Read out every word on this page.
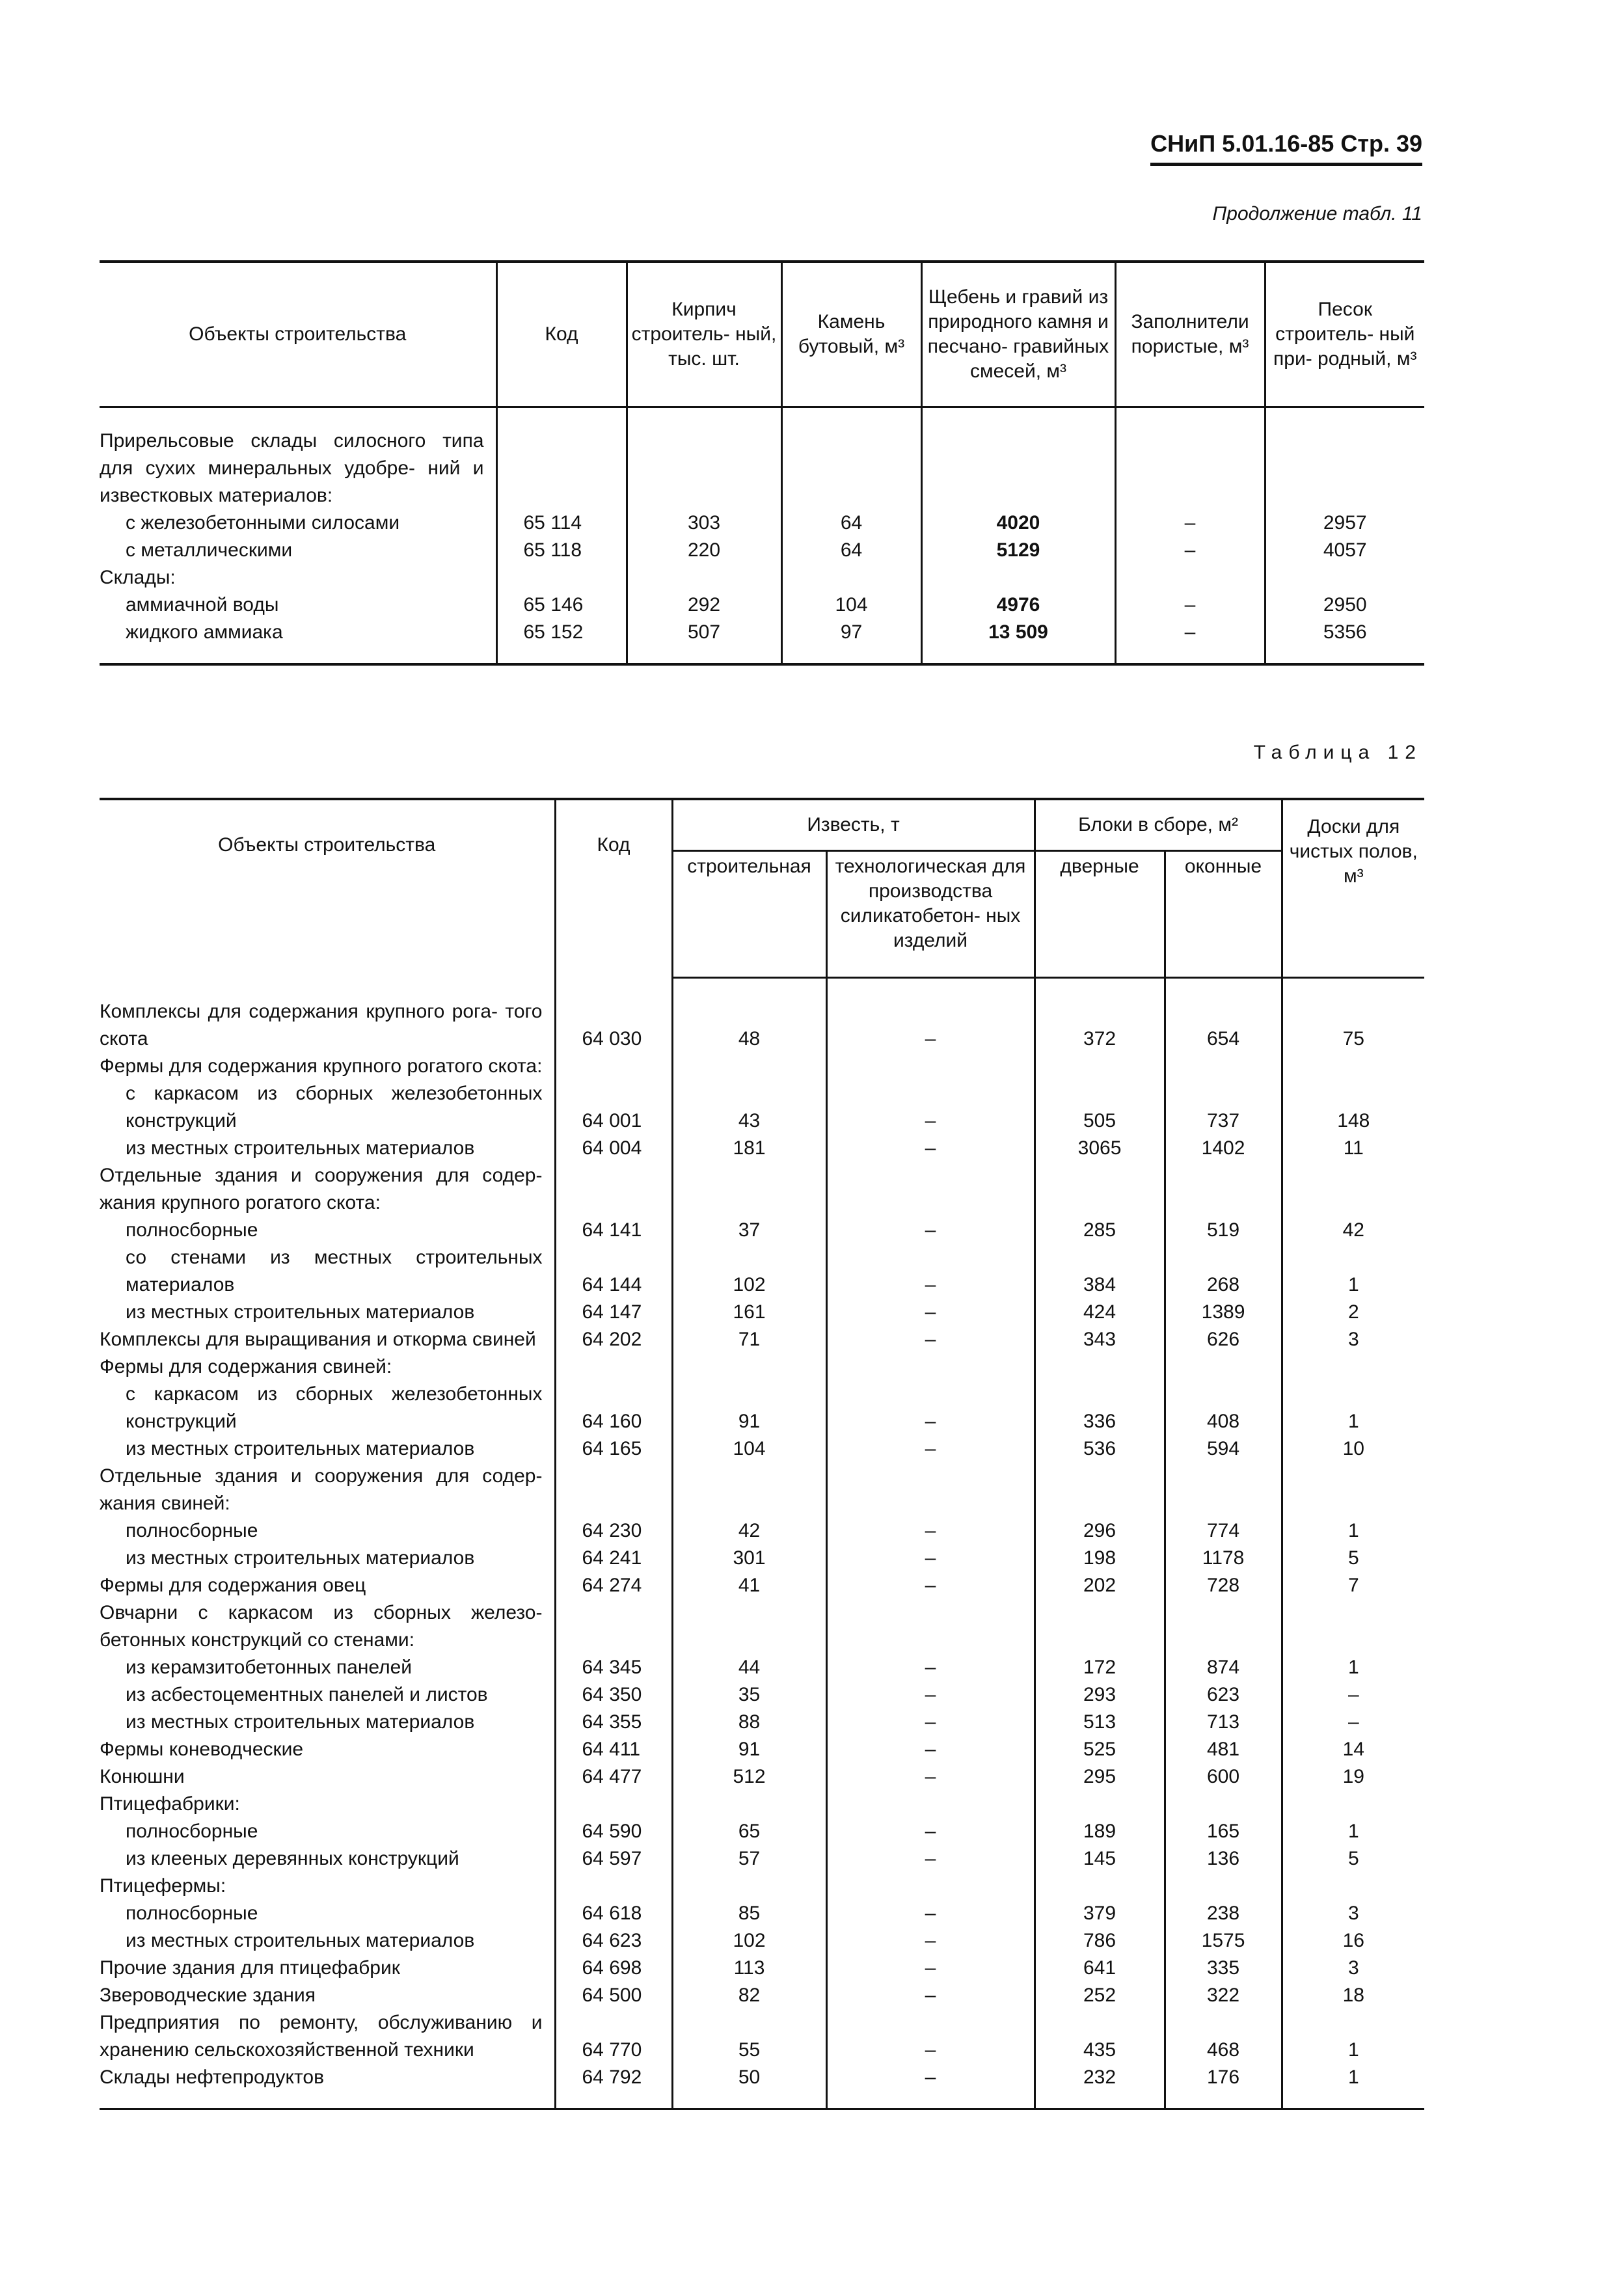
СНиП 5.01.16-85 Стр. 39
Продолжение табл. 11
Объекты строительства	Код	Кирпич строитель- ный, тыс. шт.	Камень бутовый, м³	Щебень и гравий из природного камня и песчано- гравийных смесей, м³	Заполнители пористые, м³	Песок строитель- ный при- родный, м³

Прирельсовые склады силосного типа для сухих минеральных удобре- ний и известковых материалов:						

с железобетонными силосами	65 114	303	64	4020	–	2957

с металлическими	65 118	220	64	5129	–	4057
Склады:						

аммиачной воды	65 146	292	104	4976	–	2950

жидкого аммиака	65 152	507	97	13 509	–	5356

Таблица 12
Объекты строительства	Код	Известь, т		Блоки в сборе, м²		Доски для чистых полов, м³
		строительная	технологическая для производства силикатобетон- ных изделий	дверные	оконные	

Комплексы для содержания крупного рога- того скота	64 030	48	–	372	654	75
Фермы для содержания крупного рогатого скота:						

с каркасом из сборных железобетонных конструкций	64 001	43	–	505	737	148

из местных строительных материалов	64 004	181	–	3065	1402	11
Отдельные здания и сооружения для содер- жания крупного рогатого скота:						

полносборные	64 141	37	–	285	519	42

со стенами из местных строительных материалов	64 144	102	–	384	268	1

из местных строительных материалов	64 147	161	–	424	1389	2
Комплексы для выращивания и откорма свиней	64 202	71	–	343	626	3
Фермы для содержания свиней:						

с каркасом из сборных железобетонных конструкций	64 160	91	–	336	408	1

из местных строительных материалов	64 165	104	–	536	594	10
Отдельные здания и сооружения для содер- жания свиней:						

полносборные	64 230	42	–	296	774	1

из местных строительных материалов	64 241	301	–	198	1178	5
Фермы для содержания овец	64 274	41	–	202	728	7
Овчарни с каркасом из сборных железо- бетонных конструкций со стенами:						

из керамзитобетонных панелей	64 345	44	–	172	874	1

из асбестоцементных панелей и листов	64 350	35	–	293	623	–

из местных строительных материалов	64 355	88	–	513	713	–
Фермы коневодческие	64 411	91	–	525	481	14
Конюшни	64 477	512	–	295	600	19
Птицефабрики:						

полносборные	64 590	65	–	189	165	1

из клееных деревянных конструкций	64 597	57	–	145	136	5
Птицефермы:						

полносборные	64 618	85	–	379	238	3

из местных строительных материалов	64 623	102	–	786	1575	16
Прочие здания для птицефабрик	64 698	113	–	641	335	3
Звероводческие здания	64 500	82	–	252	322	18
Предприятия по ремонту, обслуживанию и хранению сельскохозяйственной техники	64 770	55	–	435	468	1
Склады нефтепродуктов	64 792	50	–	232	176	1
